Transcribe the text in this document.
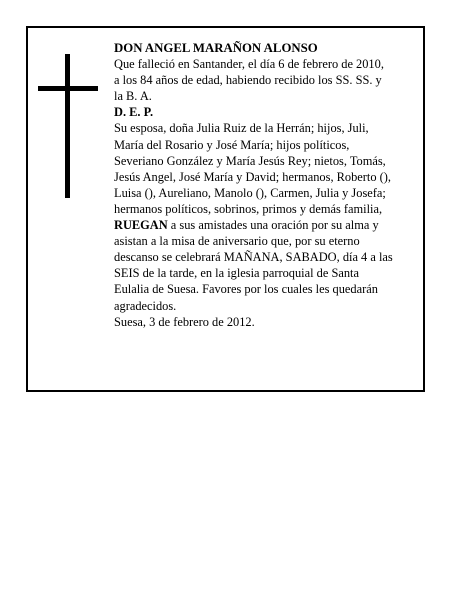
DON ANGEL MARAÑON ALONSO

Que falleció en Santander, el día 6 de febrero de 2010,

a los 84 años de edad, habiendo recibido los SS. SS. y

la B. A.

D. E. P.

Su esposa, doña Julia Ruiz de la Herrán; hijos, Juli,

María del Rosario y José María; hijos políticos,

Severiano González y María Jesús Rey; nietos, Tomás,

Jesús Angel, José María y David; hermanos, Roberto (),

Luisa (), Aureliano, Manolo (), Carmen, Julia y Josefa;

hermanos políticos, sobrinos, primos y demás familia,

RUEGAN a sus amistades una oración por su alma y

asistan a la misa de aniversario que, por su eterno

descanso se celebrará MAÑANA, SABADO, día 4 a las

SEIS de la tarde, en la iglesia parroquial de Santa

Eulalia de Suesa. Favores por los cuales les quedarán

agradecidos.

Suesa, 3 de febrero de 2012.
